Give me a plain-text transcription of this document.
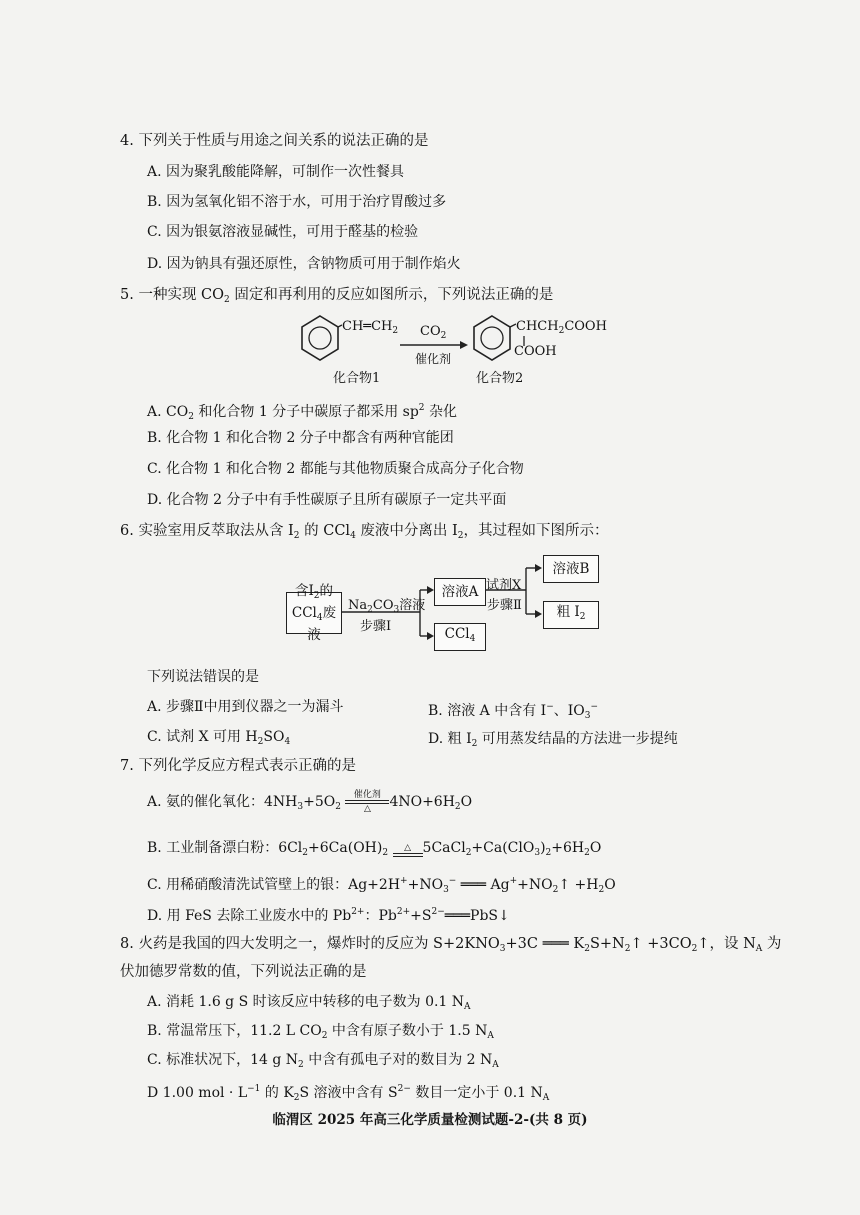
4. 下列关于性质与用途之间关系的说法正确的是
A. 因为聚乳酸能降解，可制作一次性餐具
B. 因为氢氧化铝不溶于水，可用于治疗胃酸过多
C. 因为银氨溶液显碱性，可用于醛基的检验
D. 因为钠具有强还原性，含钠物质可用于制作焰火
5. 一种实现 $CO_2$ 固定和再利用的反应如图所示，下列说法正确的是
$CH═CH_2$ $CO_2$
催化剂
$CHCH_2COOH$
COOH
化合物1	化合物2
A. $CO_2$ 和化合物 1 分子中碳原子都采用 $sp^2$ 杂化
B. 化合物 1 和化合物 2 分子中都含有两种官能团
C. 化合物 1 和化合物 2 都能与其他物质聚合成高分子化合物
D. 化合物 2 分子中有手性碳原子且所有碳原子一定共平面
6. 实验室用反萃取法从含 $I_2$ 的 CCl$_4$ 废液中分离出 $I_2$，其过程如下图所示：
含$I_2$的
CCl$_4$废液
$Na_2CO_3$溶液
步骤Ⅰ
溶液A
CCl$_4$
试剂X
步骤Ⅱ
溶液B
粗 $I_2$
下列说法错误的是
A. 步骤Ⅱ中用到仪器之一为漏斗	B. 溶液 A 中含有 I−、$IO_3^-$
C. 试剂 X 可用 $H_2SO_4$	D. 粗 $I_2$ 可用蒸发结晶的方法进一步提纯
7. 下列化学反应方程式表示正确的是
A. 氨的催化氧化：$4NH_3+5O_2$
催化剂
△	$4NO+6H_2O$
B. 工业制备漂白粉：$6Cl_2+6Ca(OH)_2$	△ $5CaCl_2+Ca(ClO_3)_2+6H_2O$
C. 用稀硝酸清洗试管壁上的银：$Ag+2H^++NO_3^-$ ═══ $Ag^++NO_2↑ +H_2O$
D. 用 FeS 去除工业废水中的 $Pb^{2+}$：$Pb^{2+}+S^{2-}═══PbS↓$
8. 火药是我国的四大发明之一，爆炸时的反应为 $S+2KNO_3+3C$ ═══ $K_2S+N_2↑$ $+3CO_2↑$，设 $N_A$ 为
伏加德罗常数的值，下列说法正确的是
A. 消耗 1.6 g S 时该反应中转移的电子数为 0.1 $N_A$
B. 常温常压下，11.2 L $CO_2$ 中含有原子数小于 1.5 $N_A$
C. 标准状况下，14 g $N_2$ 中含有孤电子对的数目为 2 $N_A$
D 1.00 mol · $L^{-1}$ 的 $K_2S$ 溶液中含有 $S^{2-}$ 数目一定小于 0.1 $N_A$
临渭区 2025 年高三化学质量检测试题-2-(共 8 页)
